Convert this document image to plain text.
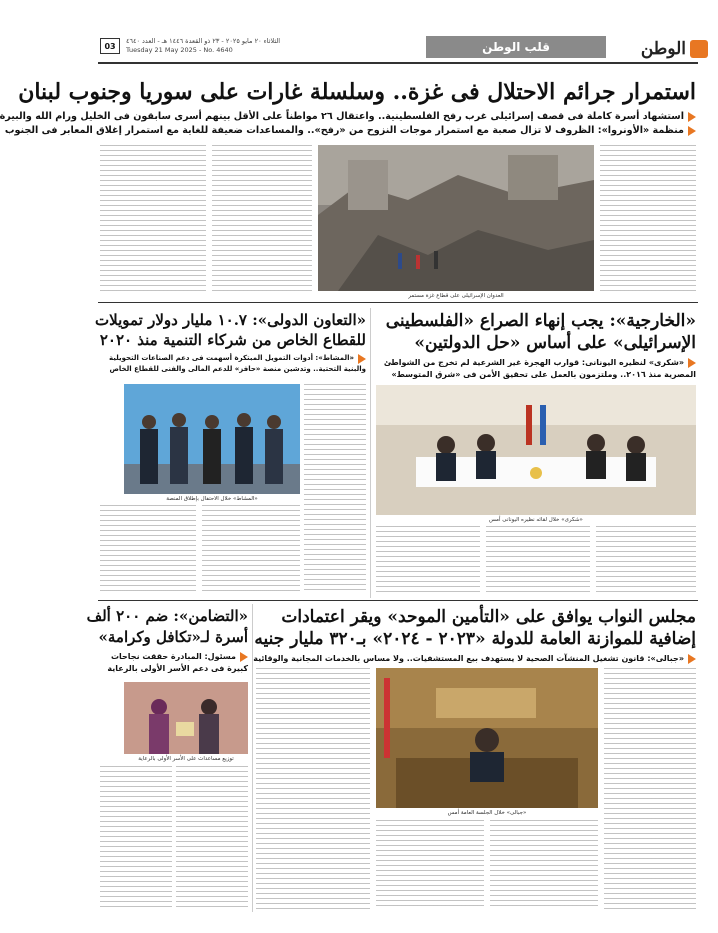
الوطن
قلب الوطن
الثلاثاء ٢٠ مايو ٢٠٢٥ - ٢٣ ذو القعدة ١٤٤٦ هـ - العدد ٤٦٤٠
Tuesday 21 May 2025 - No. 4640
03
استمرار جرائم الاحتلال فى غزة.. وسلسلة غارات على سوريا وجنوب لبنان
استشهاد أسرة كاملة فى قصف إسرائيلى غرب رفح الفلسطينية.. واعتقال ٢٦ مواطناً على الأقل بينهم أسرى سابقون فى الخليل ورام الله والبيرة
منظمة «الأونروا»: الظروف لا تزال صعبة مع استمرار موجات النزوح من «رفح».. والمساعدات ضعيفة للغاية مع استمرار إغلاق المعابر فى الجنوب
العدوان الإسرائيلى على قطاع غزة مستمر
«الخارجية»: يجب إنهاء الصراع «الفلسطينى
الإسرائيلى» على أساس «حل الدولتين»
«شكرى» لنظيره اليونانى: قوارب الهجرة غير الشرعية لم تخرج من الشواطئ
المصرية منذ ٢٠١٦.. وملتزمون بالعمل على تحقيق الأمن فى «شرق المتوسط»
«شكرى» خلال لقائه نظيره اليونانى أمس
«التعاون الدولى»: ١٠.٧ مليار دولار تمويلات
للقطاع الخاص من شركاء التنمية منذ ٢٠٢٠
«المشاط»: أدوات التمويل المبتكرة أسهمت فى دعم الصناعات التحويلية
والبنية التحتية.. وتدشين منصة «حافز» للدعم المالى والفنى للقطاع الخاص
«المشاط» خلال الاحتفال بإطلاق المنصة
مجلس النواب يوافق على «التأمين الموحد» ويقر اعتمادات
إضافية للموازنة العامة للدولة «٢٠٢٣ - ٢٠٢٤» بـ٣٢٠ مليار جنيه
«جبالى»: قانون تشغيل المنشآت الصحية لا يستهدف بيع المستشفيات.. ولا مساس بالخدمات المجانية والوقائية
«جبالى» خلال الجلسة العامة أمس
«التضامن»: ضم ٢٠٠ ألف
أسرة لـ«تكافل وكرامة»
مسئول: المبادرة حققت نجاحات
كبيرة فى دعم الأسر الأولى بالرعاية
توزيع مساعدات على الأسر الأولى بالرعاية
